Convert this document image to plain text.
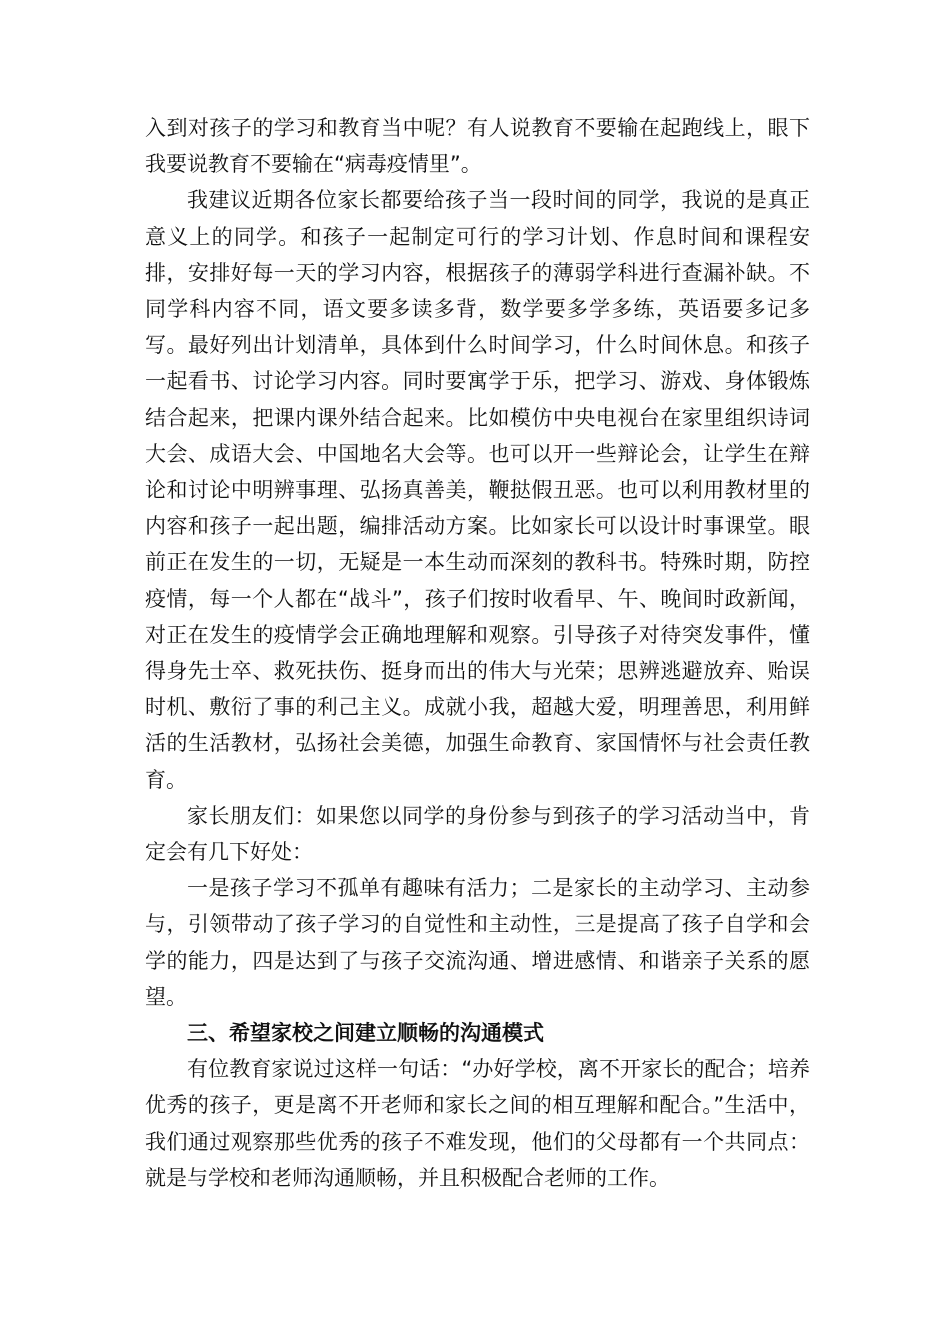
入到对孩子的学习和教育当中呢？有人说教育不要输在起跑线上，眼下我要说教育不要输在“病毒疫情里”。

我建议近期各位家长都要给孩子当一段时间的同学，我说的是真正意义上的同学。和孩子一起制定可行的学习计划、作息时间和课程安排，安排好每一天的学习内容，根据孩子的薄弱学科进行查漏补缺。不同学科内容不同，语文要多读多背，数学要多学多练，英语要多记多写。最好列出计划清单，具体到什么时间学习，什么时间休息。和孩子一起看书、讨论学习内容。同时要寓学于乐，把学习、游戏、身体锻炼结合起来，把课内课外结合起来。比如模仿中央电视台在家里组织诗词大会、成语大会、中国地名大会等。也可以开一些辩论会，让学生在辩论和讨论中明辨事理、弘扬真善美，鞭挞假丑恶。也可以利用教材里的内容和孩子一起出题，编排活动方案。比如家长可以设计时事课堂。眼前正在发生的一切，无疑是一本生动而深刻的教科书。特殊时期，防控疫情，每一个人都在“战斗”，孩子们按时收看早、午、晚间时政新闻，对正在发生的疫情学会正确地理解和观察。引导孩子对待突发事件，懂得身先士卒、救死扶伤、挺身而出的伟大与光荣；思辨逃避放弃、贻误时机、敷衍了事的利己主义。成就小我，超越大爱，明理善思，利用鲜活的生活教材，弘扬社会美德，加强生命教育、家国情怀与社会责任教育。

家长朋友们：如果您以同学的身份参与到孩子的学习活动当中，肯定会有几下好处：

一是孩子学习不孤单有趣味有活力；二是家长的主动学习、主动参与，引领带动了孩子学习的自觉性和主动性，三是提高了孩子自学和会学的能力，四是达到了与孩子交流沟通、增进感情、和谐亲子关系的愿望。

三、希望家校之间建立顺畅的沟通模式

有位教育家说过这样一句话：“办好学校，离不开家长的配合；培养优秀的孩子，更是离不开老师和家长之间的相互理解和配合。”生活中，我们通过观察那些优秀的孩子不难发现，他们的父母都有一个共同点：就是与学校和老师沟通顺畅，并且积极配合老师的工作。
